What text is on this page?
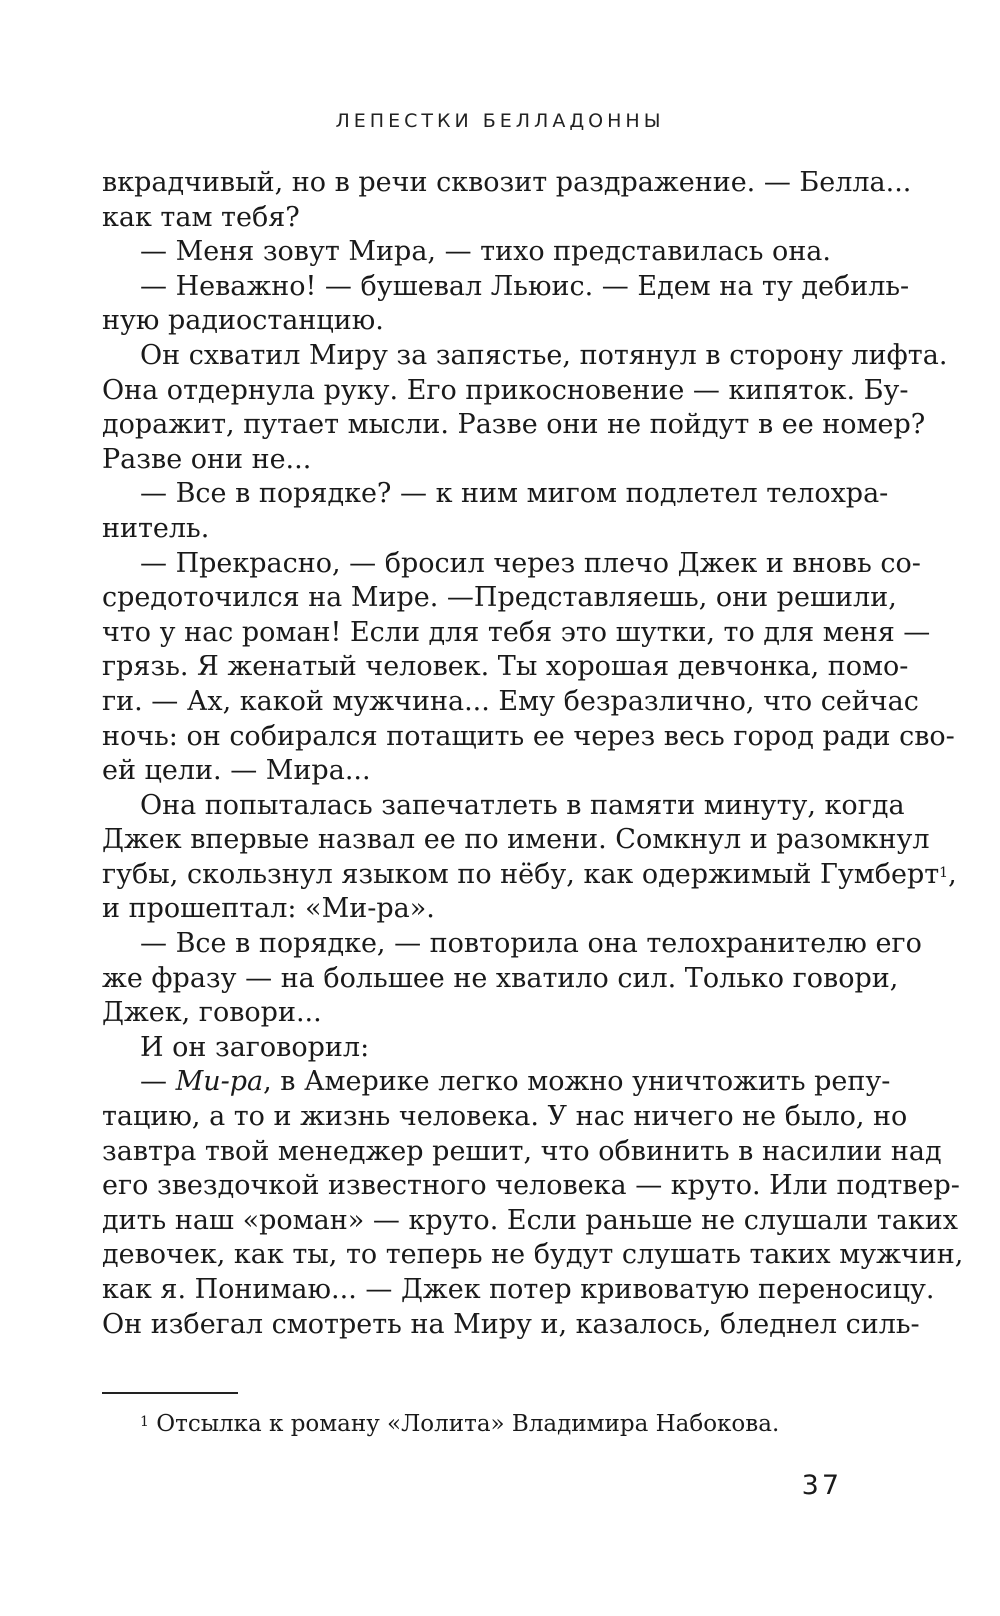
ЛЕПЕСТКИ БЕЛЛАДОННЫ
вкрадчивый, но в речи сквозит раздражение. — Белла...
как там тебя?
— Меня зовут Мира, — тихо представилась она.
— Неважно! — бушевал Льюис. — Едем на ту дебиль-
ную радиостанцию.
Он схватил Миру за запястье, потянул в сторону лифта.
Она отдернула руку. Его прикосновение — кипяток. Бу-
доражит, путает мысли. Разве они не пойдут в ее номер?
Разве они не...
— Все в порядке? — к ним мигом подлетел телохра-
нитель.
— Прекрасно, — бросил через плечо Джек и вновь со-
средоточился на Мире. —Представляешь, они решили,
что у нас роман! Если для тебя это шутки, то для меня —
грязь. Я женатый человек. Ты хорошая девчонка, помо-
ги. — Ах, какой мужчина... Ему безразлично, что сейчас
ночь: он собирался потащить ее через весь город ради сво-
ей цели. — Мира...
Она попыталась запечатлеть в памяти минуту, когда
Джек впервые назвал ее по имени. Сомкнул и разомкнул
губы, скользнул языком по нёбу, как одержимый Гумберт$^1$,
и прошептал: «Ми-ра».
— Все в порядке, — повторила она телохранителю его
же фразу — на большее не хватило сил. Только говори,
Джек, говори...
И он заговорил:
— Ми-ра, в Америке легко можно уничтожить репу-
тацию, а то и жизнь человека. У нас ничего не было, но
завтра твой менеджер решит, что обвинить в насилии над
его звездочкой известного человека — круто. Или подтвер-
дить наш «роман» — круто. Если раньше не слушали таких
девочек, как ты, то теперь не будут слушать таких мужчин,
как я. Понимаю... — Джек потер кривоватую переносицу.
Он избегал смотреть на Миру и, казалось, бледнел силь-
$^1$ Отсылка к роману «Лолита» Владимира Набокова.
37
